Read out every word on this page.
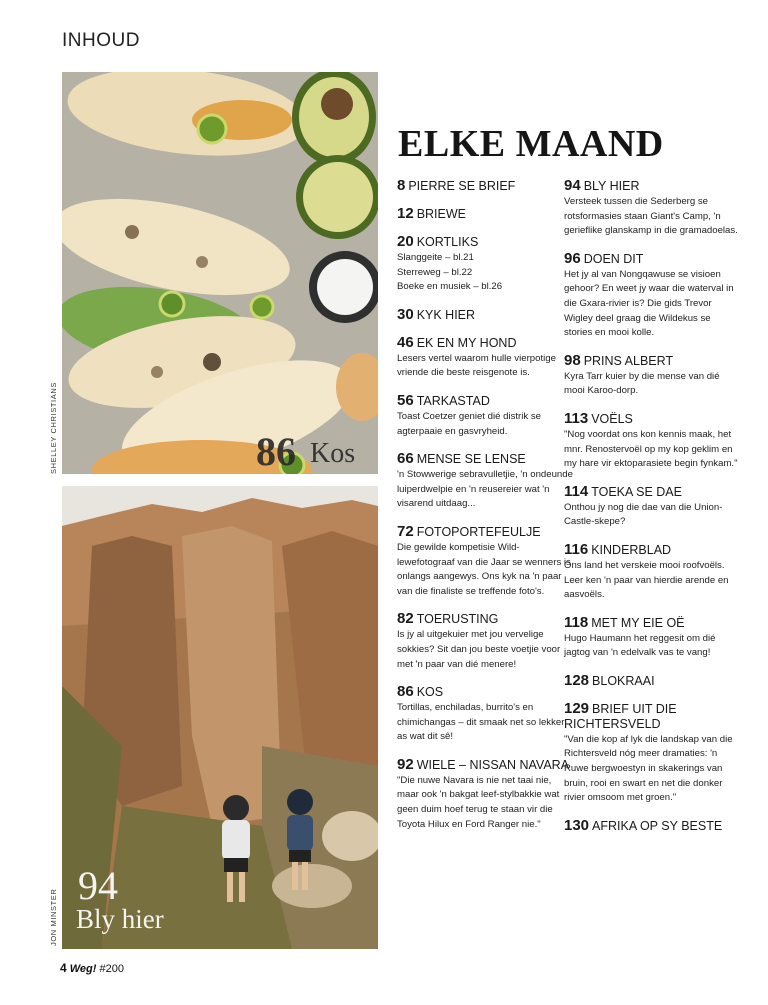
INHOUD
86 Kos
SHELLEY CHRISTIANS
94
Bly hier
JON MINSTER
ELKE MAAND
8 PIERRE SE BRIEF
12 BRIEWE
20 KORTLIKS
Slanggeite – bl.21
Sterreweg – bl.22
Boeke en musiek – bl.26
30 KYK HIER
46 EK EN MY HOND
Lesers vertel waarom hulle vierpotige vriende die beste reisgenote is.
56 TARKASTAD
Toast Coetzer geniet dié distrik se agterpaaie en gasvryheid.
66 MENSE SE LENSE
'n Stowwerige sebravulletjie, 'n ondeunde luiperdwelpie en 'n reusereier wat 'n visarend uitdaag...
72 FOTOPORTEFEULJE
Die gewilde kompetisie Wild-lewefotograaf van die Jaar se wenners is onlangs aangewys. Ons kyk na 'n paar van die finaliste se treffende foto's.
82 TOERUSTING
Is jy al uitgekuier met jou vervelige sokkies? Sit dan jou beste voetjie voor met 'n paar van dié menere!
86 KOS
Tortillas, enchiladas, burrito's en chimichangas – dit smaak net so lekker as wat dit sê!
92 WIELE – NISSAN NAVARA
"Die nuwe Navara is nie net taai nie, maar ook 'n bakgat leef-stylbakkie wat geen duim hoef terug te staan vir die Toyota Hilux en Ford Ranger nie."
94 BLY HIER
Versteek tussen die Sederberg se rotsformasies staan Giant's Camp, 'n gerieflike glanskamp in die gramadoelas.
96 DOEN DIT
Het jy al van Nongqawuse se visioen gehoor? En weet jy waar die waterval in die Gxara-rivier is? Die gids Trevor Wigley deel graag die Wildekus se stories en mooi kolle.
98 PRINS ALBERT
Kyra Tarr kuier by die mense van dié mooi Karoo-dorp.
113 VOËLS
"Nog voordat ons kon kennis maak, het mnr. Renostervoël op my kop geklim en my hare vir ektoparasiete begin fynkam."
114 TOEKA SE DAE
Onthou jy nog die dae van die Union-Castle-skepe?
116 KINDERBLAD
Ons land het verskeie mooi roofvoëls. Leer ken 'n paar van hierdie arende en aasvoëls.
118 MET MY EIE OË
Hugo Haumann het reggesit om dié jagtog van 'n edelvalk vas te vang!
128 BLOKRAAI
129 BRIEF UIT DIE RICHTERSVELD
"Van die kop af lyk die landskap van die Richtersveld nóg meer dramaties: 'n Ruwe bergwoestyn in skakerings van bruin, rooi en swart en net die donker rivier omsoom met groen."
130 AFRIKA OP SY BESTE
4 Weg! #200
